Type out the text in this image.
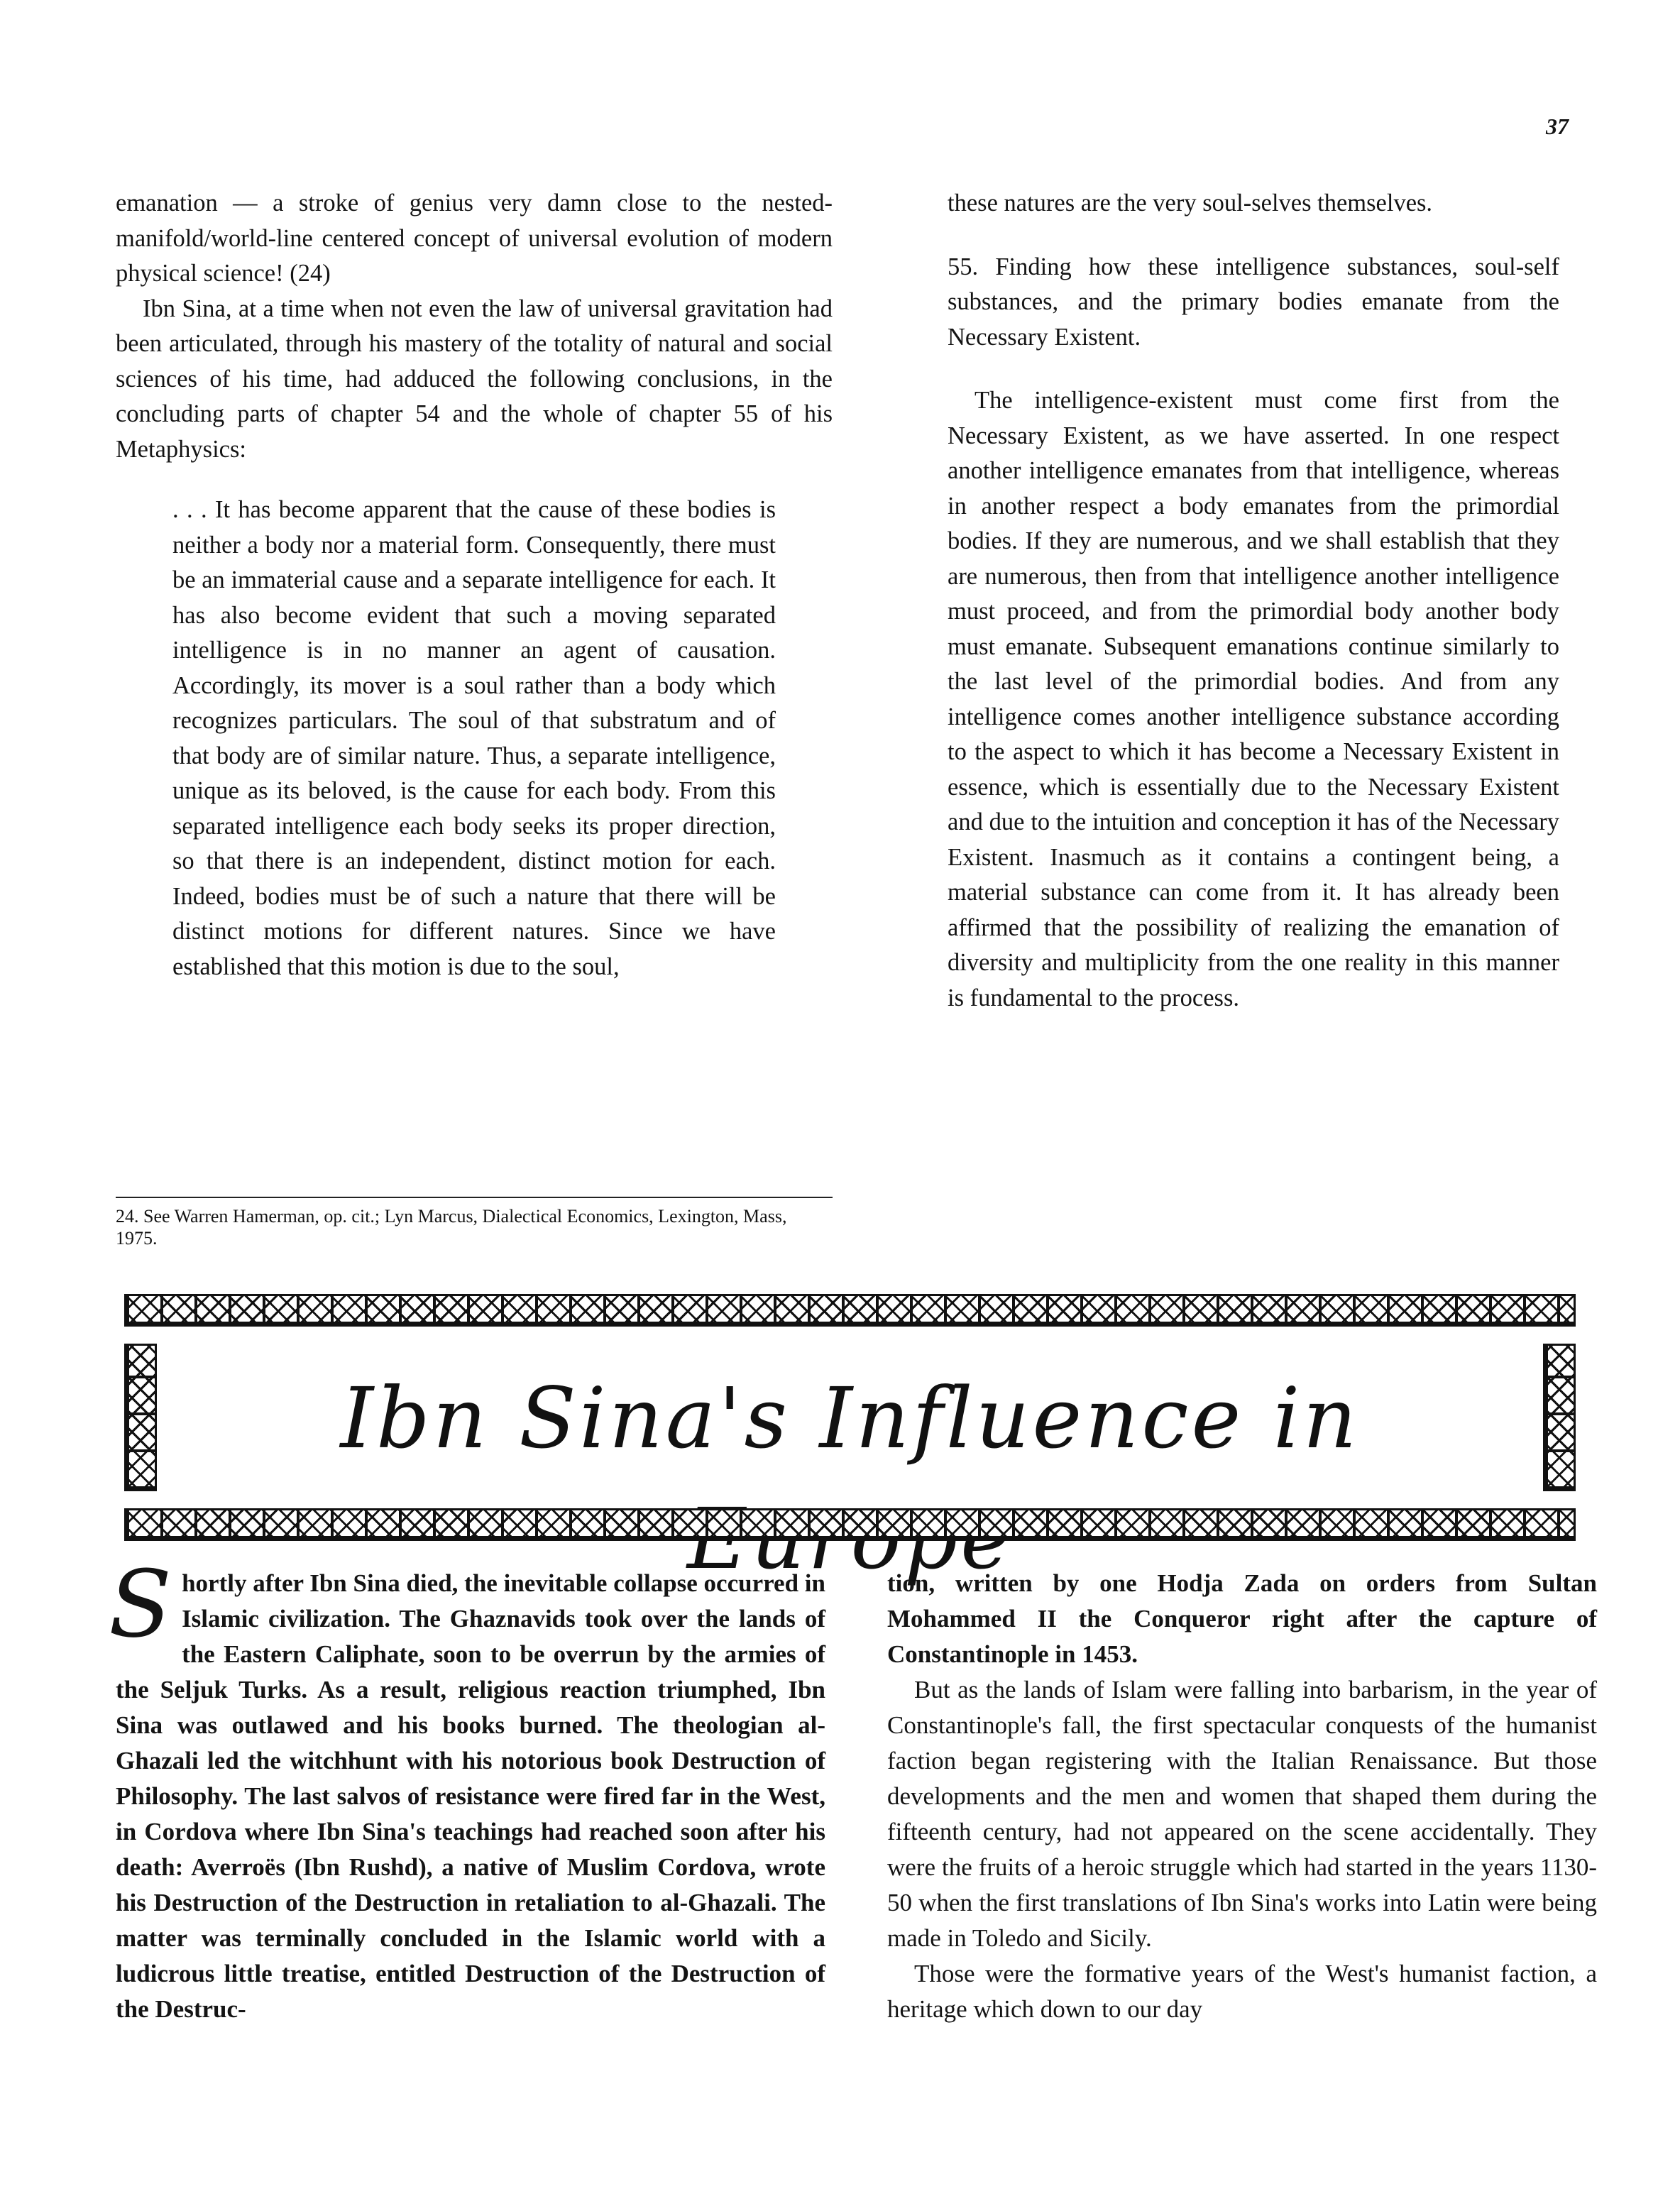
37

emanation — a stroke of genius very damn close to the nested-manifold/world-line centered concept of universal evolution of modern physical science! (24)

Ibn Sina, at a time when not even the law of universal gravitation had been articulated, through his mastery of the totality of natural and social sciences of his time, had adduced the following conclusions, in the concluding parts of chapter 54 and the whole of chapter 55 of his Metaphysics:

. . . It has become apparent that the cause of these bodies is neither a body nor a material form. Consequently, there must be an immaterial cause and a separate intelligence for each. It has also become evident that such a moving separated intelligence is in no manner an agent of causation. Accordingly, its mover is a soul rather than a body which recognizes particulars. The soul of that substratum and of that body are of similar nature. Thus, a separate intelligence, unique as its beloved, is the cause for each body. From this separated intelligence each body seeks its proper direction, so that there is an independent, distinct motion for each. Indeed, bodies must be of such a nature that there will be distinct motions for different natures. Since we have established that this motion is due to the soul,

24. See Warren Hamerman, op. cit.; Lyn Marcus, Dialectical Economics, Lexington, Mass, 1975.

these natures are the very soul-selves themselves.

55. Finding how these intelligence substances, soul-self substances, and the primary bodies emanate from the Necessary Existent.

The intelligence-existent must come first from the Necessary Existent, as we have asserted. In one respect another intelligence emanates from that intelligence, whereas in another respect a body emanates from the primordial bodies. If they are numerous, and we shall establish that they are numerous, then from that intelligence another intelligence must proceed, and from the primordial body another body must emanate. Subsequent emanations continue similarly to the last level of the primordial bodies. And from any intelligence comes another intelligence substance according to the aspect to which it has become a Necessary Existent in essence, which is essentially due to the Necessary Existent and due to the intuition and conception it has of the Necessary Existent. Inasmuch as it contains a contingent being, a material substance can come from it. It has already been affirmed that the possibility of realizing the emanation of diversity and multiplicity from the one reality in this manner is fundamental to the process.

Ibn Sina's Influence in

Shortly after Ibn Sina died, the inevitable collapse occurred in Islamic civilization. The Ghaznavids took over the lands of the Eastern Caliphate, soon to be overrun by the armies of the Seljuk Turks. As a result, religious reaction triumphed, Ibn Sina was outlawed and his books burned. The theologian al-Ghazali led the witchhunt with his notorious book Destruction of Philosophy. The last salvos of resistance were fired far in the West, in Cordova where Ibn Sina's teachings had reached soon after his death: Averroës (Ibn Rushd), a native of Muslim Cordova, wrote his Destruction of the Destruction in retaliation to al-Ghazali. The matter was terminally concluded in the Islamic world with a ludicrous little treatise, entitled Destruction of the Destruction of the Destruc-

tion, written by one Hodja Zada on orders from Sultan Mohammed II the Conqueror right after the capture of Constantinople in 1453.

But as the lands of Islam were falling into barbarism, in the year of Constantinople's fall, the first spectacular conquests of the humanist faction began registering with the Italian Renaissance. But those developments and the men and women that shaped them during the fifteenth century, had not appeared on the scene accidentally. They were the fruits of a heroic struggle which had started in the years 1130-50 when the first translations of Ibn Sina's works into Latin were being made in Toledo and Sicily.

Those were the formative years of the West's humanist faction, a heritage which down to our day
